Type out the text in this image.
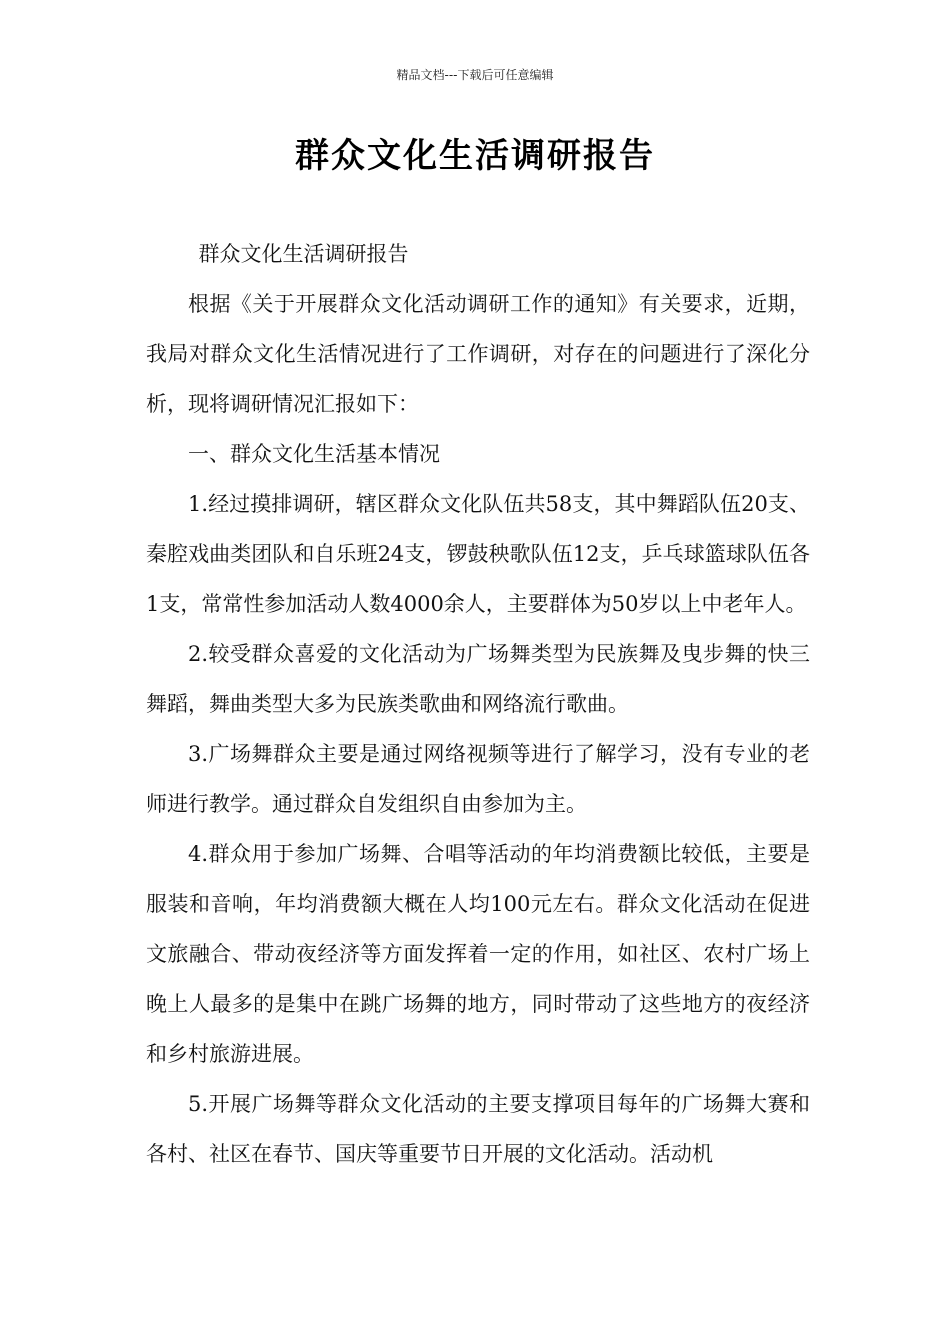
精品文档---下载后可任意编辑
群众文化生活调研报告

群众文化生活调研报告

根据《关于开展群众文化活动调研工作的通知》有关要求，近期，我局对群众文化生活情况进行了工作调研，对存在的问题进行了深化分析，现将调研情况汇报如下：

一、群众文化生活基本情况

1.经过摸排调研，辖区群众文化队伍共58支，其中舞蹈队伍20支、秦腔戏曲类团队和自乐班24支，锣鼓秧歌队伍12支，乒乓球篮球队伍各1支，常常性参加活动人数4000余人，主要群体为50岁以上中老年人。

2.较受群众喜爱的文化活动为广场舞类型为民族舞及曳步舞的快三舞蹈，舞曲类型大多为民族类歌曲和网络流行歌曲。

3.广场舞群众主要是通过网络视频等进行了解学习，没有专业的老师进行教学。通过群众自发组织自由参加为主。

4.群众用于参加广场舞、合唱等活动的年均消费额比较低，主要是服装和音响，年均消费额大概在人均100元左右。群众文化活动在促进文旅融合、带动夜经济等方面发挥着一定的作用，如社区、农村广场上晚上人最多的是集中在跳广场舞的地方，同时带动了这些地方的夜经济和乡村旅游进展。

5.开展广场舞等群众文化活动的主要支撑项目每年的广场舞大赛和各村、社区在春节、国庆等重要节日开展的文化活动。活动机
